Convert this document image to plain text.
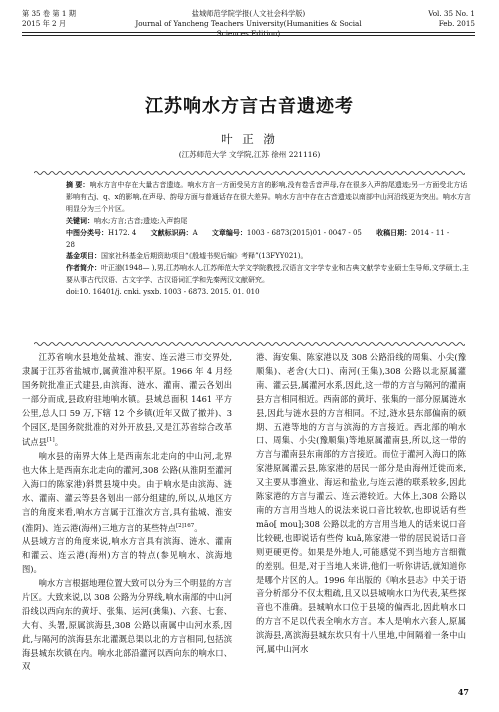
第 35 卷 第 1 期
2015 年 2 月
盐城师范学院学报(人文社会科学版)
Journal of Yancheng Teachers University(Humanities & Social Sciences Edition)
Vol. 35 No. 1
Feb. 2015
江苏响水方言古音遗迹考
叶 正 渤
(江苏师范大学 文学院,江苏 徐州 221116)

摘 要：响水方言中存在大量古音遗迹。响水方言一方面受吴方言的影响,没有卷舌音声母,存在很多入声韵尾遗迹;另一方面受北方话影响有古j、q、x的影响,在声母、韵母方面与普通话存在很大差异。响水方言中存在古音遗迹以南部中山河沿线更为突出。响水方言明显分为三个片区。

关键词：响水;方言;古音;遗迹;入声韵尾

中图分类号：H172. 4 文献标识码：A 文章编号：1003 - 6873(2015)01 - 0047 - 05 收稿日期：2014 - 11 - 28

基金项目：国家社科基金后期资助项目“《殷墟书契后编》考释”(13FYY021)。

作者简介：叶正渤(1948— ),男,江苏响水人,江苏师范大学文学院教授,汉语言文字学专业和古典文献学专业硕士生导师,文学硕士,主要从事古代汉语、古文字学、古汉语词汇学和先秦两汉文献研究。

doi:10. 16401/j. cnki. ysxb. 1003 - 6873. 2015. 01. 010

江苏省响水县地处盐城、淮安、连云港三市交界处,隶属于江苏省盐城市,属黄淮冲积平原。1966 年 4 月经国务院批准正式建县,由滨海、涟水、灌南、灌云各划出一部分而成,县政府驻地响水镇。县域总面积 1461 平方公里,总人口 59 万,下辖 12 个乡镇(近年又做了撤并)、3 个园区,是国务院批准的对外开放县,又是江苏省综合改革试点县[1]。

响水县的南界大体上是西南东北走向的中山河,北界也大体上是西南东北走向的灌河,308 公路(从淮阴至灌河入海口的陈家港)斜贯县境中央。由于响水是由滨海、涟水、灌南、灌云等县各划出一部分组建的,所以,从地区方言的角度来看,响水方言属于江淮次方言,具有盐城、淮安(淮阴)、连云港(海州)三地方言的某些特点$^{[2]167}$。

从县域方言的角度来说,响水方言具有滨海、涟水、灌南和灌云、连云港(海州)方言的特点(参见响水、滨海地图)。

响水方言根据地理位置大致可以分为三个明显的方言片区。大致来说,以 308 公路为分界线,响水南部的中山河沿线以西向东的黄圩、张集、运河(龚集)、六套、七套、大有、头署,原属滨海县,308 公路以南属中山河水系,因此,与隔河的滨海县东北灌溉总渠以北的方言相同,包括滨海县城东坎镇在内。响水北部沿灌河以西向东的响水口、双

港、海安集、陈家港以及 308 公路沿线的周集、小尖(豫顺集)、老舍(大口)、南河(王集),308 公路以北原属灌南、灌云县,属灌河水系,因此,这一带的方言与隔河的灌南县方言相同相近。西南部的黄圩、张集的一部分原属涟水县,因此与涟水县的方言相同。不过,涟水县东部偏南的硕期、五港等地的方言与滨海的方言接近。西北部的响水口、周集、小尖(豫顺集)等地原属灌南县,所以,这一带的方言与灌南县东南部的方言接近。而位于灌河入海口的陈家港原属灌云县,陈家港的居民一部分是由海州迁徙而来,又主要从事渔业、海运和盐业,与连云港的联系较多,因此陈家港的方言与灌云、连云港较近。大体上,308 公路以南的方言用当地人的说法来说口音比较软,也即说话有些 māo[ mou];308 公路以北的方言用当地人的话来说口音比较硬,也即说话有些侉 kuǎ,陈家港一带的居民说话口音则更硬更侉。如果是外地人,可能感觉不到当地方言细微的差别。但是,对于当地人来讲,他们一听你讲话,就知道你是哪个片区的人。1996 年出版的《响水县志》中关于语音分析部分不仅太粗疏,且又以县城响水口为代表,某些探音也不准确。县城响水口位于县境的偏西北,因此响水口的方言不足以代表全响水方言。本人是响水六套人,原属滨海县,离滨海县城东坎只有十八里地,中间隔着一条中山河,属中山河水

47
